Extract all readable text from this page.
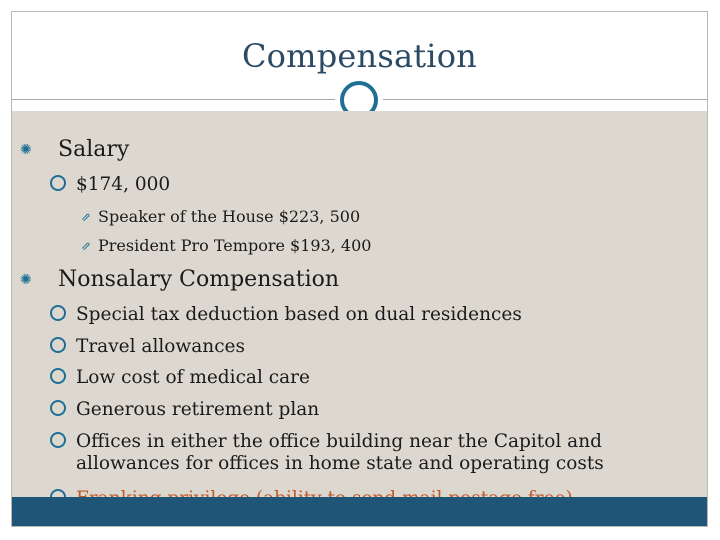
Compensation
✺ Salary
$174, 000
⇗ Speaker of the House $223, 500
⇗ President Pro Tempore $193, 400
✺ Nonsalary Compensation
Special tax deduction based on dual residences
Travel allowances
Low cost of medical care
Generous retirement plan
Offices in either the office building near the Capitol and allowances for offices in home state and operating costs
